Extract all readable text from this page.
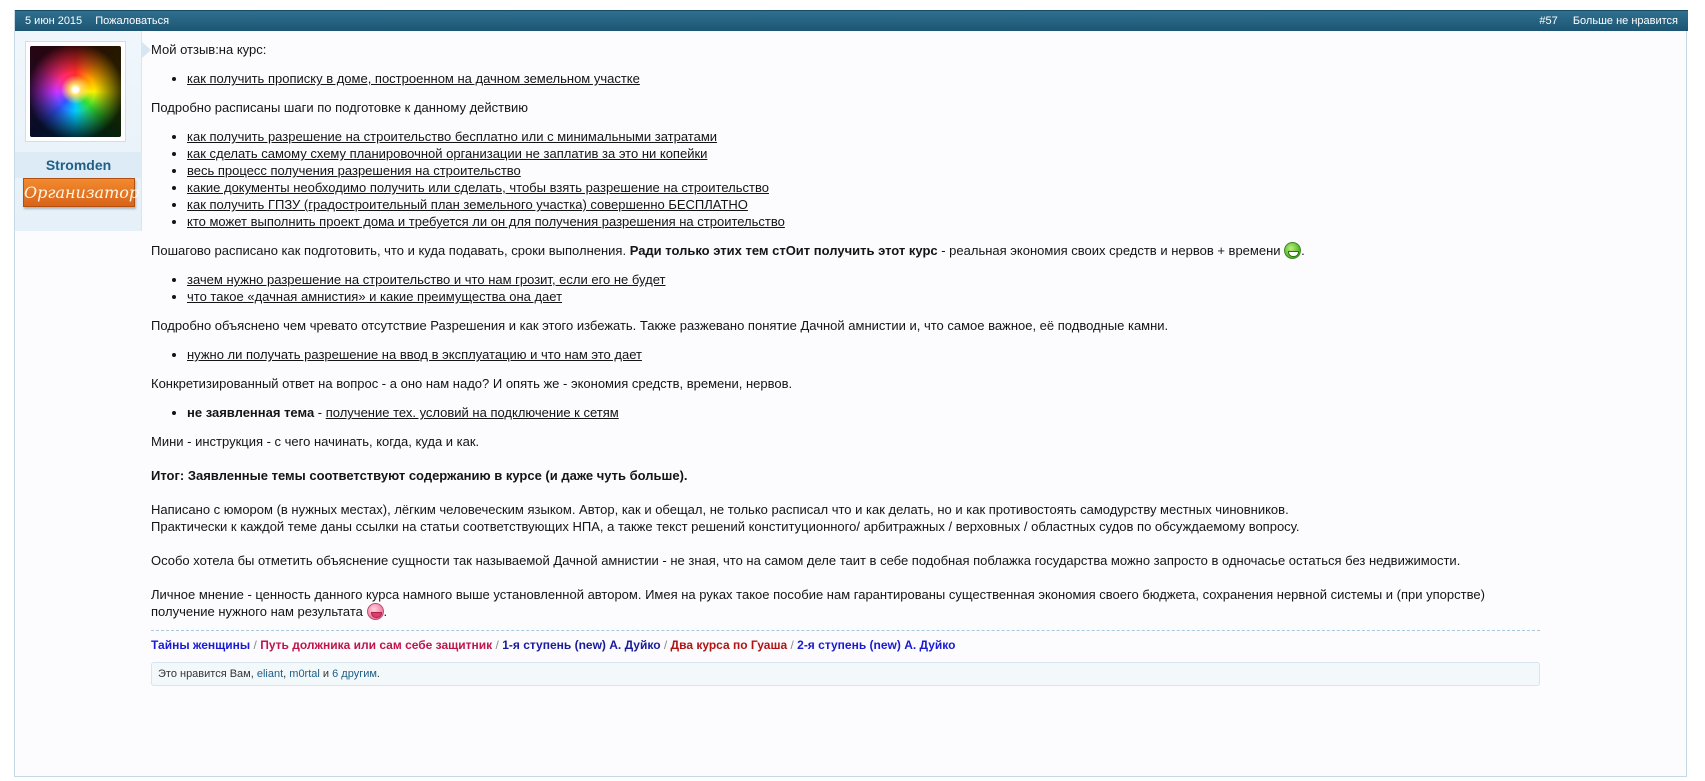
5 июн 2015 Пожаловаться	#57 Больше не нравится
Stromden
Организатор

Мой отзыв:на курс:

• как получить прописку в доме, построенном на дачном земельном участке

Подробно расписаны шаги по подготовке к данному действию

• как получить разрешение на строительство бесплатно или с минимальными затратами
• как сделать самому схему планировочной организации не заплатив за это ни копейки
• весь процесс получения разрешения на строительство
• какие документы необходимо получить или сделать, чтобы взять разрешение на строительство
• как получить ГПЗУ (градостроительный план земельного участка) совершенно БЕСПЛАТНО
• кто может выполнить проект дома и требуется ли он для получения разрешения на строительство

Пошагово расписано как подготовить, что и куда подавать, сроки выполнения. Ради только этих тем стОит получить этот курс - реальная экономия своих средств и нервов + времени .

• зачем нужно разрешение на строительство и что нам грозит, если его не будет
• что такое «дачная амнистия» и какие преимущества она дает

Подробно объяснено чем чревато отсутствие Разрешения и как этого избежать. Также разжевано понятие Дачной амнистии и, что самое важное, её подводные камни.

• нужно ли получать разрешение на ввод в эксплуатацию и что нам это дает

Конкретизированный ответ на вопрос - а оно нам надо? И опять же - экономия средств, времени, нервов.

• не заявленная тема - получение тех. условий на подключение к сетям

Мини - инструкция - с чего начинать, когда, куда и как.

Итог: Заявленные темы соответствуют содержанию в курсе (и даже чуть больше).

Написано с юмором (в нужных местах), лёгким человеческим языком. Автор, как и обещал, не только расписал что и как делать, но и как противостоять самодурству местных чиновников.
Практически к каждой теме даны ссылки на статьи соответствующих НПА, а также текст решений конституционного/ арбитражных / верховных / областных судов по обсуждаемому вопросу.

Особо хотела бы отметить объяснение сущности так называемой Дачной амнистии - не зная, что на самом деле таит в себе подобная поблажка государства можно запросто в одночасье остаться без недвижимости.

Личное мнение - ценность данного курса намного выше установленной автором. Имея на руках такое пособие нам гарантированы существенная экономия своего бюджета, сохранения нервной системы и (при упорстве) получение нужного нам результата .

Тайны женщины / Путь должника или сам себе защитник / 1-я ступень (new) А. Дуйко / Два курса по Гуаша / 2-я ступень (new) А. Дуйко
Это нравится Вам, eliant, m0rtal и 6 другим.
